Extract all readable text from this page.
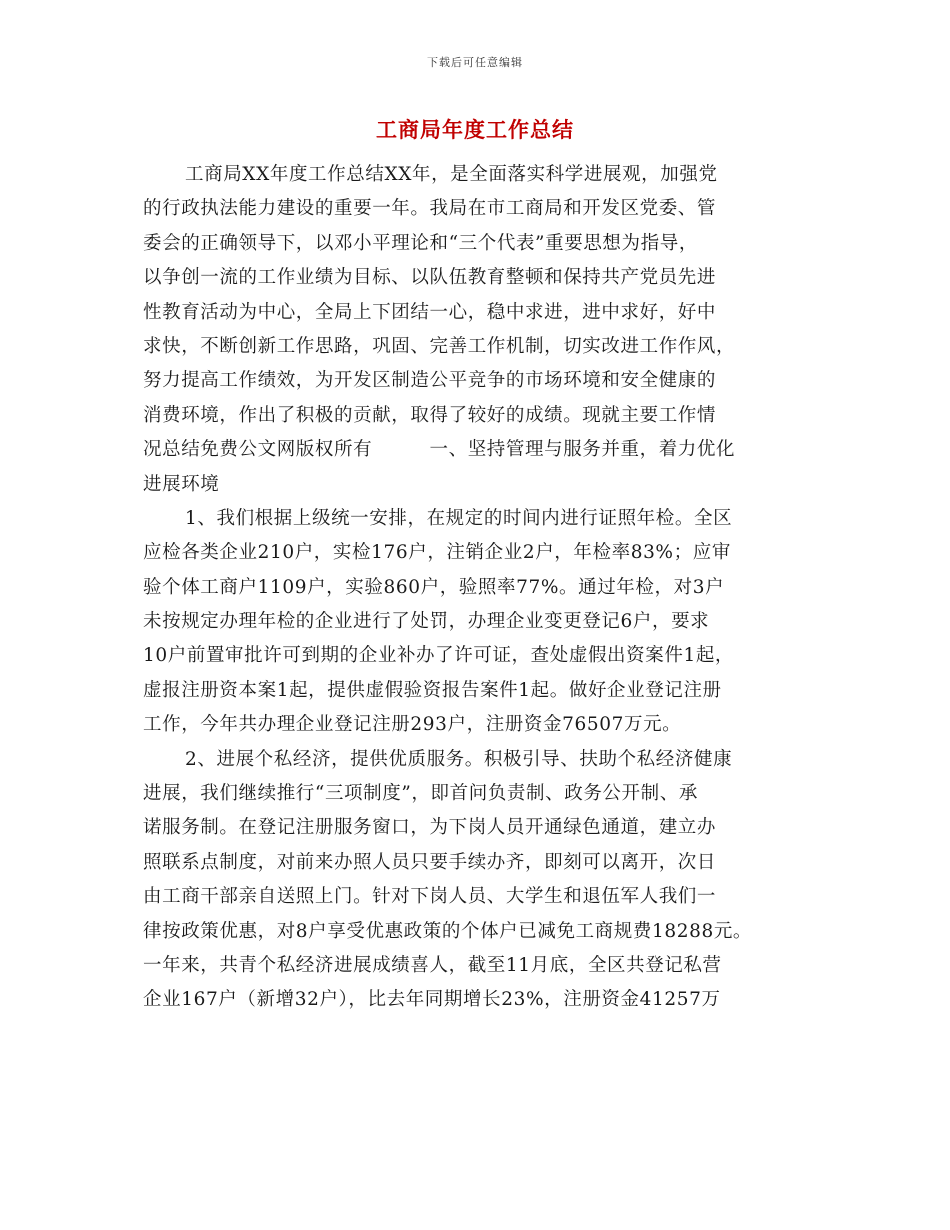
下载后可任意编辑
工商局年度工作总结
工商局XX年度工作总结XX年，是全面落实科学进展观，加强党
的行政执法能力建设的重要一年。我局在市工商局和开发区党委、管
委会的正确领导下，以邓小平理论和“三个代表”重要思想为指导，
以争创一流的工作业绩为目标、以队伍教育整顿和保持共产党员先进
性教育活动为中心，全局上下团结一心，稳中求进，进中求好，好中
求快，不断创新工作思路，巩固、完善工作机制，切实改进工作作风，
努力提高工作绩效，为开发区制造公平竞争的市场环境和安全健康的
消费环境，作出了积极的贡献，取得了较好的成绩。现就主要工作情
况总结免费公文网版权所有　　　一、坚持管理与服务并重，着力优化
进展环境
1、我们根据上级统一安排，在规定的时间内进行证照年检。全区
应检各类企业210户，实检176户，注销企业2户，年检率83%；应审
验个体工商户1109户，实验860户，验照率77%。通过年检，对3户
未按规定办理年检的企业进行了处罚，办理企业变更登记6户，要求
10户前置审批许可到期的企业补办了许可证，查处虚假出资案件1起，
虚报注册资本案1起，提供虚假验资报告案件1起。做好企业登记注册
工作，今年共办理企业登记注册293户，注册资金76507万元。
2、进展个私经济，提供优质服务。积极引导、扶助个私经济健康
进展，我们继续推行“三项制度”，即首问负责制、政务公开制、承
诺服务制。在登记注册服务窗口，为下岗人员开通绿色通道，建立办
照联系点制度，对前来办照人员只要手续办齐，即刻可以离开，次日
由工商干部亲自送照上门。针对下岗人员、大学生和退伍军人我们一
律按政策优惠，对8户享受优惠政策的个体户已减免工商规费18288元。
一年来，共青个私经济进展成绩喜人，截至11月底，全区共登记私营
企业167户（新增32户），比去年同期增长23%，注册资金41257万
